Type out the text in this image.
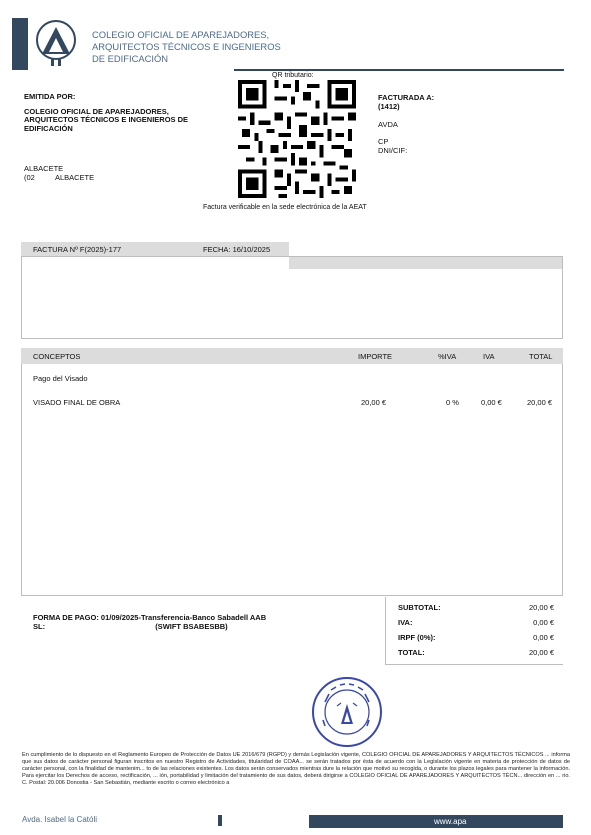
COLEGIO OFICIAL DE APAREJADORES,
ARQUITECTOS TÉCNICOS E INGENIEROS
DE EDIFICACIÓN
QR tributario:
Factura verificable en la sede electrónica de la AEAT
EMITIDA POR:
COLEGIO OFICIAL DE APAREJADORES,
ARQUITECTOS TÉCNICOS E INGENIEROS DE
EDIFICACIÓN
ALBACETE
(02	ALBACETE
FACTURADA A:
(1412)
AVDA
CP
DNI/CIF:
FACTURA Nº F(2025)-177	FECHA: 16/10/2025
CONCEPTOS	IMPORTE	%IVA	IVA	TOTAL
Pago del Visado
VISADO FINAL DE OBRA	20,00 €	0 %	0,00 €	20,00 €
FORMA DE PAGO: 01/09/2025-Transferencia-Banco Sabadell AAB
SL:	(SWIFT BSABESBB)
SUBTOTAL:	20,00 €
IVA:	0,00 €
IRPF (0%):	0,00 €
TOTAL:	20,00 €
En cumplimiento de lo dispuesto en el Reglamento Europeo de Protección de Datos UE 2016/679 (RGPD) y demás Legislación vigente, COLEGIO OFICIAL DE APAREJADORES Y ARQUITECTOS TÉCNICOS ... informa que sus datos de carácter personal figuran inscritos en nuestro Registro de Actividades, titularidad de COAA... se serán tratados por ésta de acuerdo con la Legislación vigente en materia de protección de datos de carácter personal, con la finalidad de mantenim... to de las relaciones existentes. Los datos serán conservados mientras dure la relación que motivó su recogida, o durante los plazos legales para mantener la información. Para ejercitar los Derechos de acceso, rectificación, ... ión, portabilidad y limitación del tratamiento de sus datos, deberá dirigirse a COLEGIO OFICIAL DE APAREJADORES Y ARQUITECTOS TÉCN... dirección en ... rio. C. Postal: 20.006 Donostia - San Sebastián, mediante escrito o correo electrónico a
Avda. Isabel la Católi	www.apa
